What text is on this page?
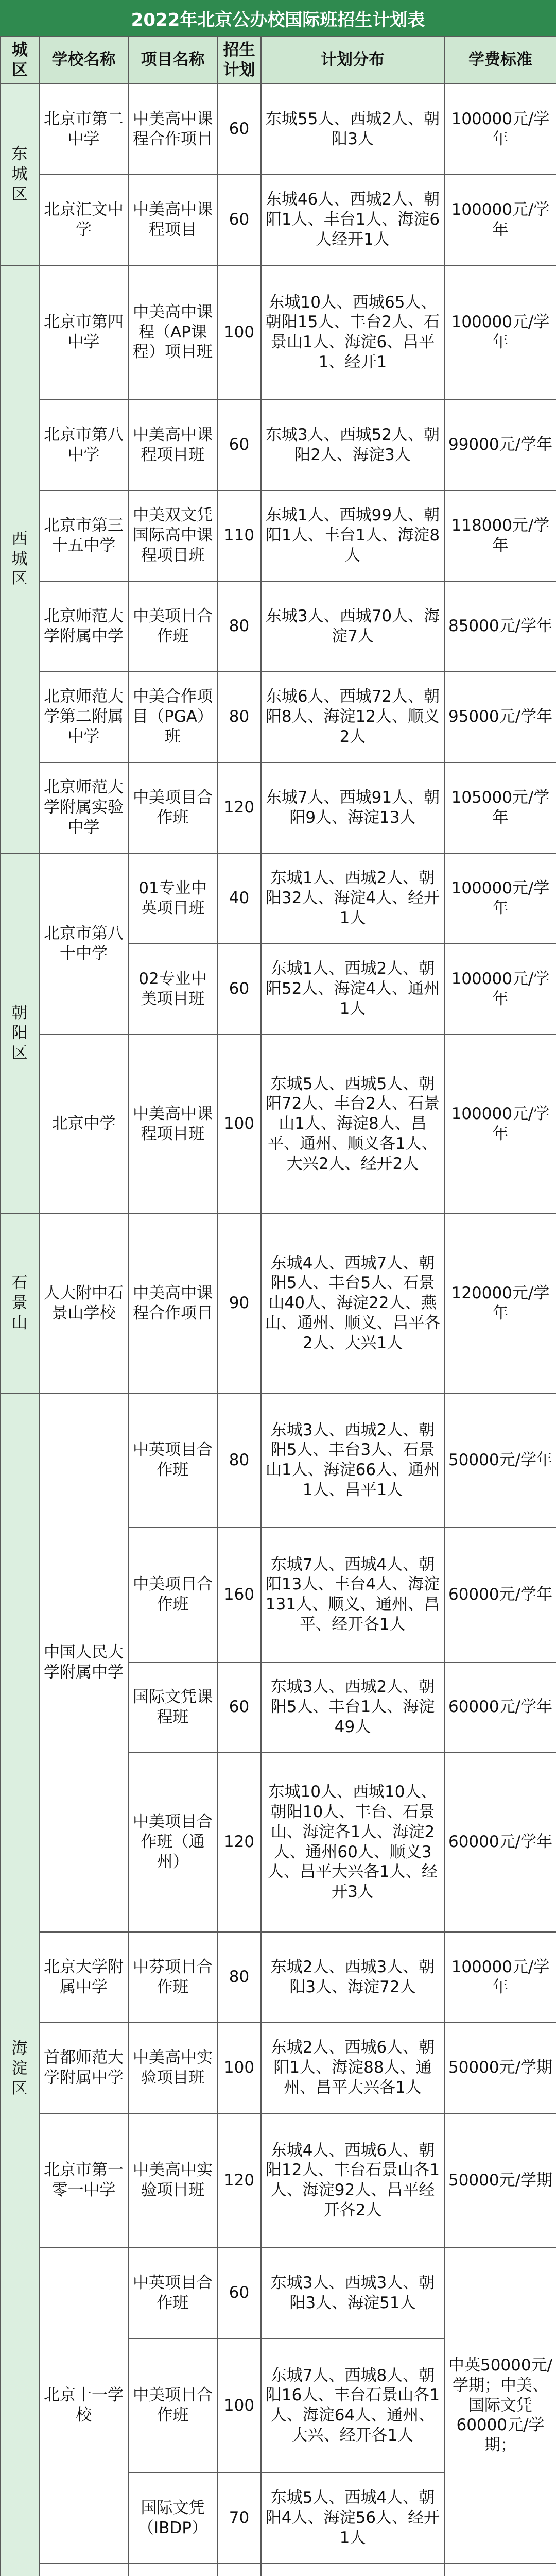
2022年北京公办校国际班招生计划表
城区	学校名称	项目名称	招生计划	计划分布	学费标准
东城区	北京市第二中学	中美高中课程合作项目	60	东城55人、西城2人、朝阳3人	100000元/学年
	北京汇文中学	中美高中课程项目	60	东城46人、西城2人、朝阳1人、丰台1人、海淀6人经开1人	100000元/学年
西城区	北京市第四中学	中美高中课程（AP课程）项目班	100	东城10人、西城65人、朝阳15人、丰台2人、石景山1人、海淀6、昌平1、经开1	100000元/学年
	北京市第八中学	中美高中课程项目班	60	东城3人、西城52人、朝阳2人、海淀3人	99000元/学年
	北京市第三十五中学	中美双文凭国际高中课程项目班	110	东城1人、西城99人、朝阳1人、丰台1人、海淀8人	118000元/学年
	北京师范大学附属中学	中美项目合作班	80	东城3人、西城70人、海淀7人	85000元/学年
	北京师范大学第二附属中学	中美合作项目（PGA）班	80	东城6人、西城72人、朝阳8人、海淀12人、顺义2人	95000元/学年
	北京师范大学附属实验中学	中美项目合作班	120	东城7人、西城91人、朝阳9人、海淀13人	105000元/学年
朝阳区	北京市第八十中学	01专业中英项目班	40	东城1人、西城2人、朝阳32人、海淀4人、经开1人	100000元/学年
		02专业中美项目班	60	东城1人、西城2人、朝阳52人、海淀4人、通州1人	100000元/学年
	北京中学	中美高中课程项目班	100	东城5人、西城5人、朝阳72人、丰台2人、石景山1人、海淀8人、昌平、通州、顺义各1人、大兴2人、经开2人	100000元/学年
石景山	人大附中石景山学校	中美高中课程合作项目	90	东城4人、西城7人、朝阳5人、丰台5人、石景山40人、海淀22人、燕山、通州、顺义、昌平各2人、大兴1人	120000元/学年
海淀区	中国人民大学附属中学	中英项目合作班	80	东城3人、西城2人、朝阳5人、丰台3人、石景山1人、海淀66人、通州1人、昌平1人	50000元/学年
		中美项目合作班	160	东城7人、西城4人、朝阳13人、丰台4人、海淀131人、顺义、通州、昌平、经开各1人	60000元/学年
		国际文凭课程班	60	东城3人、西城2人、朝阳5人、丰台1人、海淀49人	60000元/学年
		中美项目合作班（通州）	120	东城10人、西城10人、朝阳10人、丰台、石景山、海淀各1人、海淀2人、通州60人、顺义3人、昌平大兴各1人、经开3人	60000元/学年
	北京大学附属中学	中芬项目合作班	80	东城2人、西城3人、朝阳3人、海淀72人	100000元/学年
	首都师范大学附属中学	中美高中实验项目班	100	东城2人、西城6人、朝阳1人、海淀88人、通州、昌平大兴各1人	50000元/学期
	北京市第一零一中学	中美高中实验项目班	120	东城4人、西城6人、朝阳12人、丰台石景山各1人、海淀92人、昌平经开各2人	50000元/学期
	北京十一学校	中英项目合作班	60	东城3人、西城3人、朝阳3人、海淀51人	中英50000元/学期；中美、国际文凭60000元/学期；
		中美项目合作班	100	东城7人、西城8人、朝阳16人、丰台石景山各1人、海淀64人、通州、大兴、经开各1人	
		国际文凭（IBDP）	70	东城5人、西城4人、朝阳4人、海淀56人、经开1人	
